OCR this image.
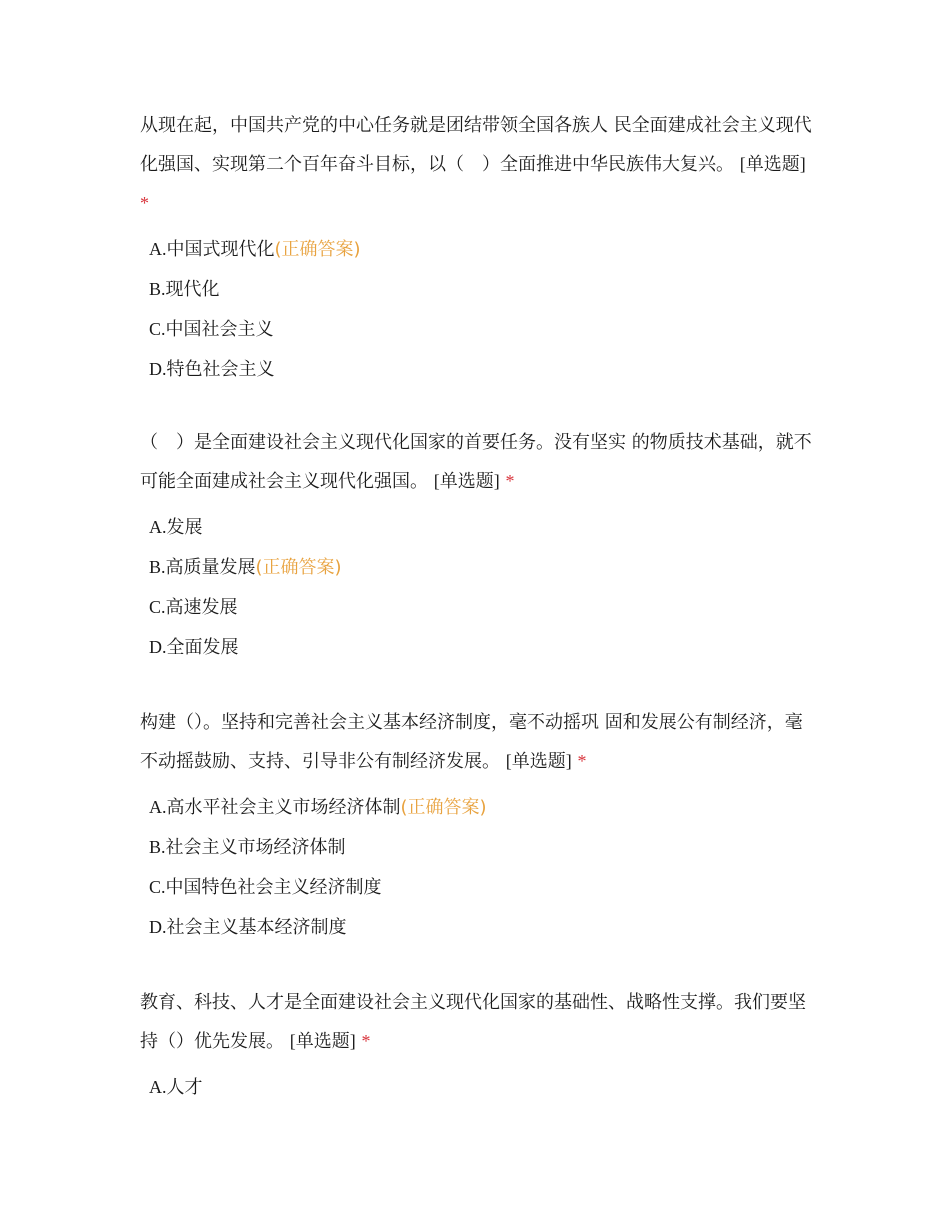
从现在起，中国共产党的中心任务就是团结带领全国各族人 民全面建成社会主义现代化强国、实现第二个百年奋斗目标，以（　）全面推进中华民族伟大复兴。 [单选题] *

A.中国式现代化(正确答案)
B.现代化
C.中国社会主义
D.特色社会主义

（　）是全面建设社会主义现代化国家的首要任务。没有坚实 的物质技术基础，就不可能全面建成社会主义现代化强国。 [单选题] *

A.发展
B.高质量发展(正确答案)
C.高速发展
D.全面发展

构建（）。坚持和完善社会主义基本经济制度，毫不动摇巩 固和发展公有制经济，毫不动摇鼓励、支持、引导非公有制经济发展。 [单选题] *

A.高水平社会主义市场经济体制(正确答案)
B.社会主义市场经济体制
C.中国特色社会主义经济制度
D.社会主义基本经济制度

教育、科技、人才是全面建设社会主义现代化国家的基础性、战略性支撑。我们要坚持（）优先发展。 [单选题] *

A.人才
